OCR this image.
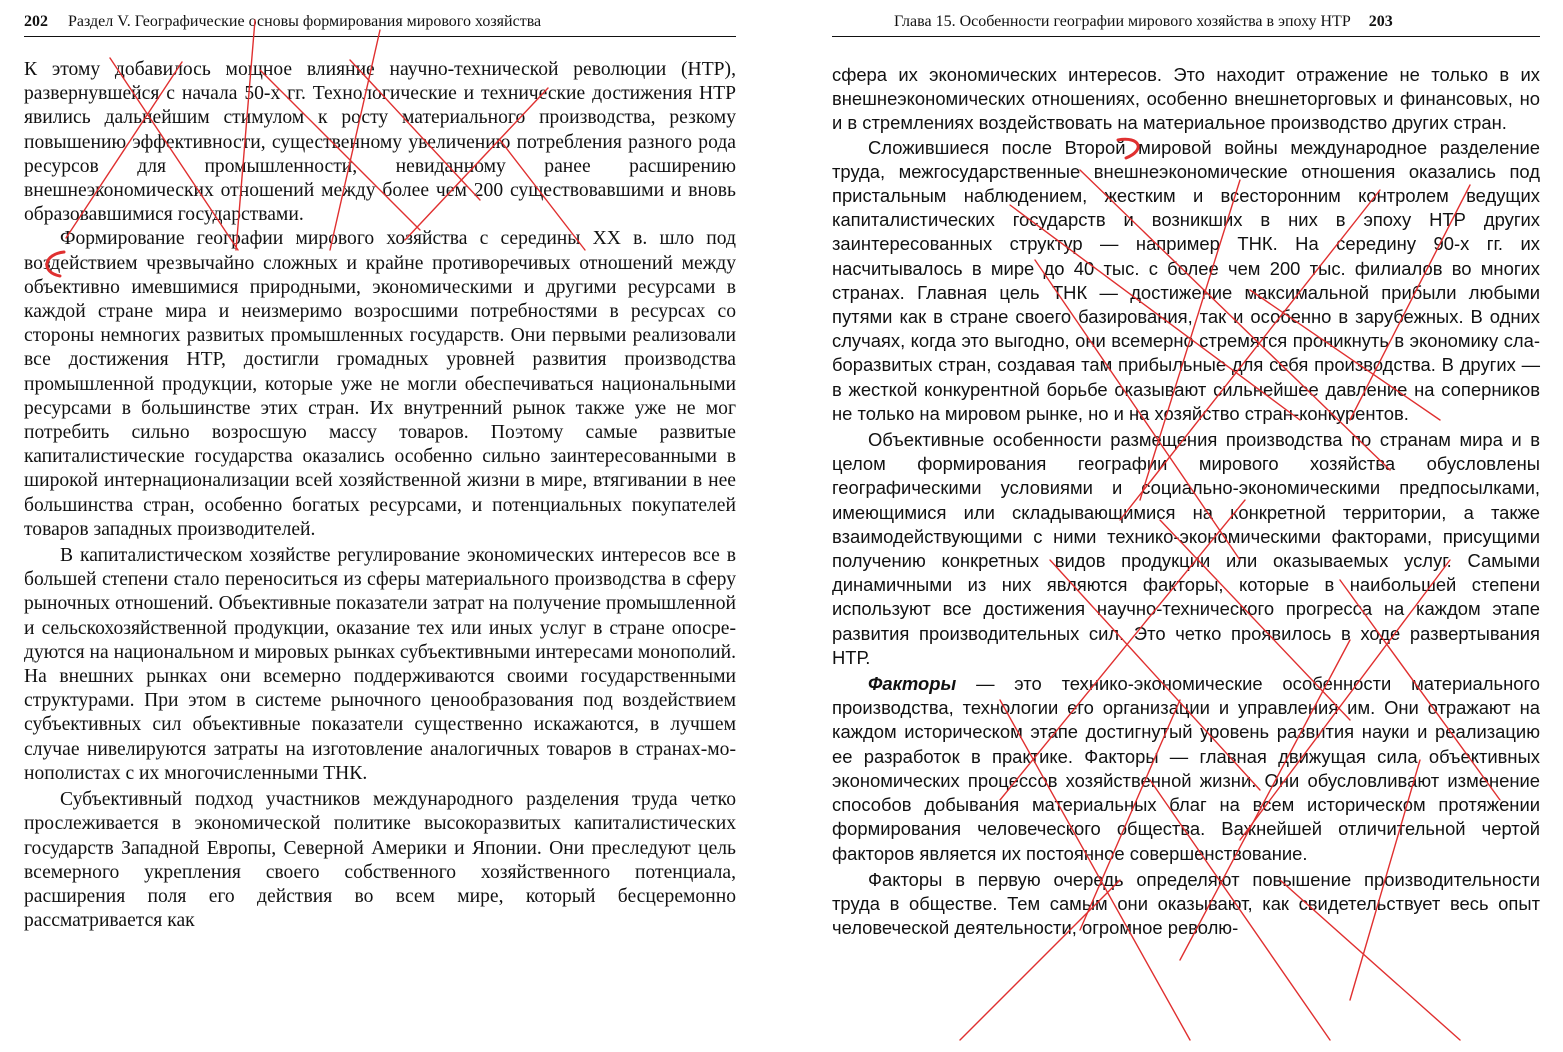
202 Раздел V. Географические основы формирования мирового хозяйства

К этому добавилось мощное влияние научно-технической революции (НТР), развернувшейся с начала 50-х гг. Технологические и технические достижения НТР явились дальнейшим стимулом к росту материального производства, резкому повышению эффективности, существенному увеличению потребления разного рода ресурсов для промышленности, невиданному ранее расширению внешнеэкономических отношений между более чем 200 существовавшими и вновь образовавшимися государствами.

Формирование географии мирового хозяйства с середины XX в. шло под воздействием чрезвычайно сложных и крайне противоречивых отношений между объективно имевшимися природными, экономическими и другими ресурсами в каждой стране мира и неизмеримо возросшими потребностями в ресурсах со стороны немногих развитых промышленных государств. Они первыми реализовали все достижения НТР, достигли громадных уровней развития производства промышленной продукции, которые уже не могли обеспечиваться национальными ресурсами в большинстве этих стран. Их внутренний рынок также уже не мог потребить сильно возросшую массу товаров. Поэтому самые развитые капиталистические государства оказались особенно сильно заинтересованными в широкой интернационализации всей хозяйственной жизни в мире, втягивании в нее большинства стран, особенно богатых ресурсами, и потенциальных покупателей товаров западных производителей.

В капиталистическом хозяйстве регулирование экономических интересов все в большей степени стало переноситься из сферы материального производства в сферу рыночных отношений. Объективные показатели затрат на получение промышленной и сельскохозяйственной продукции, оказание тех или иных услуг в стране опосредуются на национальном и мировых рынках субъективными интересами монополий. На внешних рынках они всемерно поддерживаются своими государственными структурами. При этом в системе рыночного ценообразования под воздействием субъективных сил объективные показатели существенно искажаются, в лучшем случае нивелируются затраты на изготовление аналогичных товаров в странах-монополистах с их многочисленными ТНК.

Субъективный подход участников международного разделения труда четко прослеживается в экономической политике высокоразвитых капиталистических государств Западной Европы, Северной Америки и Японии. Они преследуют цель всемерного укрепления своего собственного хозяйственного потенциала, расширения поля его действия во всем мире, который бесцеремонно рассматривается как

Глава 15. Особенности географии мирового хозяйства в эпоху НТР 203

сфера их экономических интересов. Это находит отражение не только в их внешнеэкономических отношениях, особенно внешнеторговых и финансовых, но и в стремлениях воздействовать на материальное производство других стран.

Сложившиеся после Второй мировой войны международное разделение труда, межгосударственные внешнеэкономические отношения оказались под пристальным наблюдением, жестким и всесторонним контролем ведущих капиталистических государств и возникших в них в эпоху НТР других заинтересованных структур — например ТНК. На середину 90-х гг. их насчитывалось в мире до 40 тыс. с более чем 200 тыс. филиалов во многих странах. Главная цель ТНК — достижение максимальной прибыли любыми путями как в стране своего базирования, так и особенно в зарубежных. В одних случаях, когда это выгодно, они всемерно стремятся проникнуть в экономику слаборазвитых стран, создавая там прибыльные для себя производства. В других — в жесткой конкурентной борьбе оказывают сильнейшее давление на соперников не только на мировом рынке, но и на хозяйство стран-конкурентов.

Объективные особенности размещения производства по странам мира и в целом формирования географии мирового хозяйства обусловлены географическими условиями и социально-экономическими предпосылками, имеющимися или складывающимися на конкретной территории, а также взаимодействующими с ними технико-экономическими факторами, присущими получению конкретных видов продукции или оказываемых услуг. Самыми динамичными из них являются факторы, которые в наибольшей степени используют все достижения научно-технического прогресса на каждом этапе развития производительных сил. Это четко проявилось в ходе развертывания НТР.

Факторы — это технико-экономические особенности материального производства, технологии его организации и управления им. Они отражают на каждом историческом этапе достигнутый уровень развития науки и реализацию ее разработок в практике. Факторы — главная движущая сила объективных экономических процессов хозяйственной жизни. Они обусловливают изменение способов добывания материальных благ на всем историческом протяжении формирования человеческого общества. Важнейшей отличительной чертой факторов является их постоянное совершенствование.

Факторы в первую очередь определяют повышение производительности труда в обществе. Тем самым они оказывают, как свидетельствует весь опыт человеческой деятельности, огромное револю-
